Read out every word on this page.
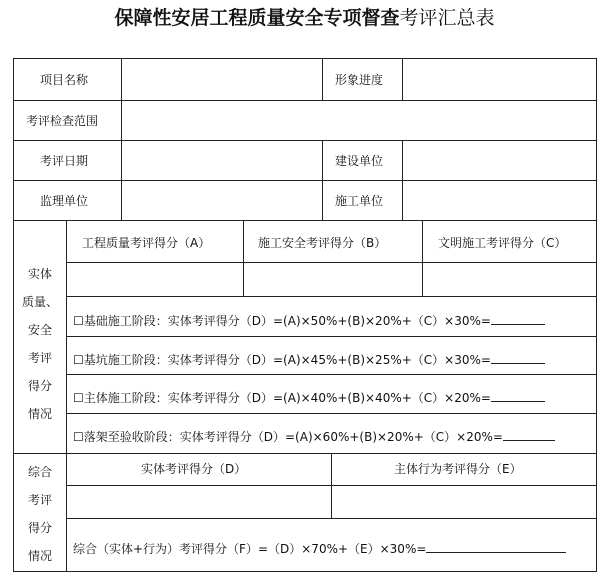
保障性安居工程质量安全专项督查考评汇总表
项目名称	形象进度
考评检查范围
考评日期	建设单位
监理单位	施工单位
实体
质量、
安全
考评
得分
情况
工程质量考评得分（A）	施工安全考评得分（B）	文明施工考评得分（C）
☐基础施工阶段：实体考评得分（D）=(A)×50%+(B)×20%+（C）×30%=
☐基坑施工阶段：实体考评得分（D）=(A)×45%+(B)×25%+（C）×30%=
☐主体施工阶段：实体考评得分（D）=(A)×40%+(B)×40%+（C）×20%=
☐落架至验收阶段：实体考评得分（D）=(A)×60%+(B)×20%+（C）×20%=
综合
考评
得分
情况
实体考评得分（D）	主体行为考评得分（E）
综合（实体+行为）考评得分（F）=（D）×70%+（E）×30%=
